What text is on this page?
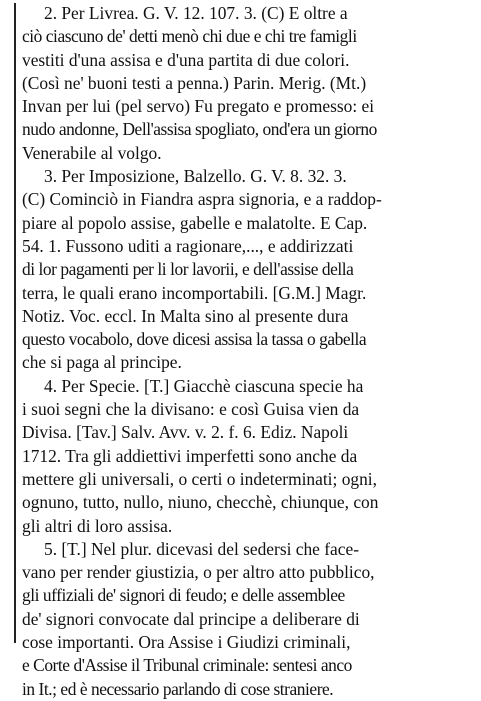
2. Per Livrea. G. V. 12. 107. 3. (C) E oltre a
ciò ciascuno de' detti menò chi due e chi tre famigli
vestiti d'una assisa e d'una partita di due colori.
(Così ne' buoni testi a penna.) Parin. Merig. (Mt.)
Invan per lui (pel servo) Fu pregato e promesso: ei
nudo andonne, Dell'assisa spogliato, ond'era un giorno
Venerabile al volgo.
3. Per Imposizione, Balzello. G. V. 8. 32. 3.
(C) Cominciò in Fiandra aspra signoria, e a raddop-
piare al popolo assise, gabelle e malatolte. E Cap.
54. 1. Fussono uditi a ragionare,..., e addirizzati
di lor pagamenti per li lor lavorii, e dell'assise della
terra, le quali erano incomportabili. [G.M.] Magr.
Notiz. Voc. eccl. In Malta sino al presente dura
questo vocabolo, dove dicesi assisa la tassa o gabella
che si paga al principe.
4. Per Specie. [T.] Giacchè ciascuna specie ha
i suoi segni che la divisano: e così Guisa vien da
Divisa. [Tav.] Salv. Avv. v. 2. f. 6. Ediz. Napoli
1712. Tra gli addiettivi imperfetti sono anche da
mettere gli universali, o certi o indeterminati; ogni,
ognuno, tutto, nullo, niuno, checchè, chiunque, con
gli altri di loro assisa.
5. [T.] Nel plur. dicevasi del sedersi che face-
vano per render giustizia, o per altro atto pubblico,
gli uffiziali de' signori di feudo; e delle assemblee
de' signori convocate dal principe a deliberare di
cose importanti. Ora Assise i Giudizi criminali,
e Corte d'Assise il Tribunal criminale: sentesi anco
in It.; ed è necessario parlando di cose straniere.
